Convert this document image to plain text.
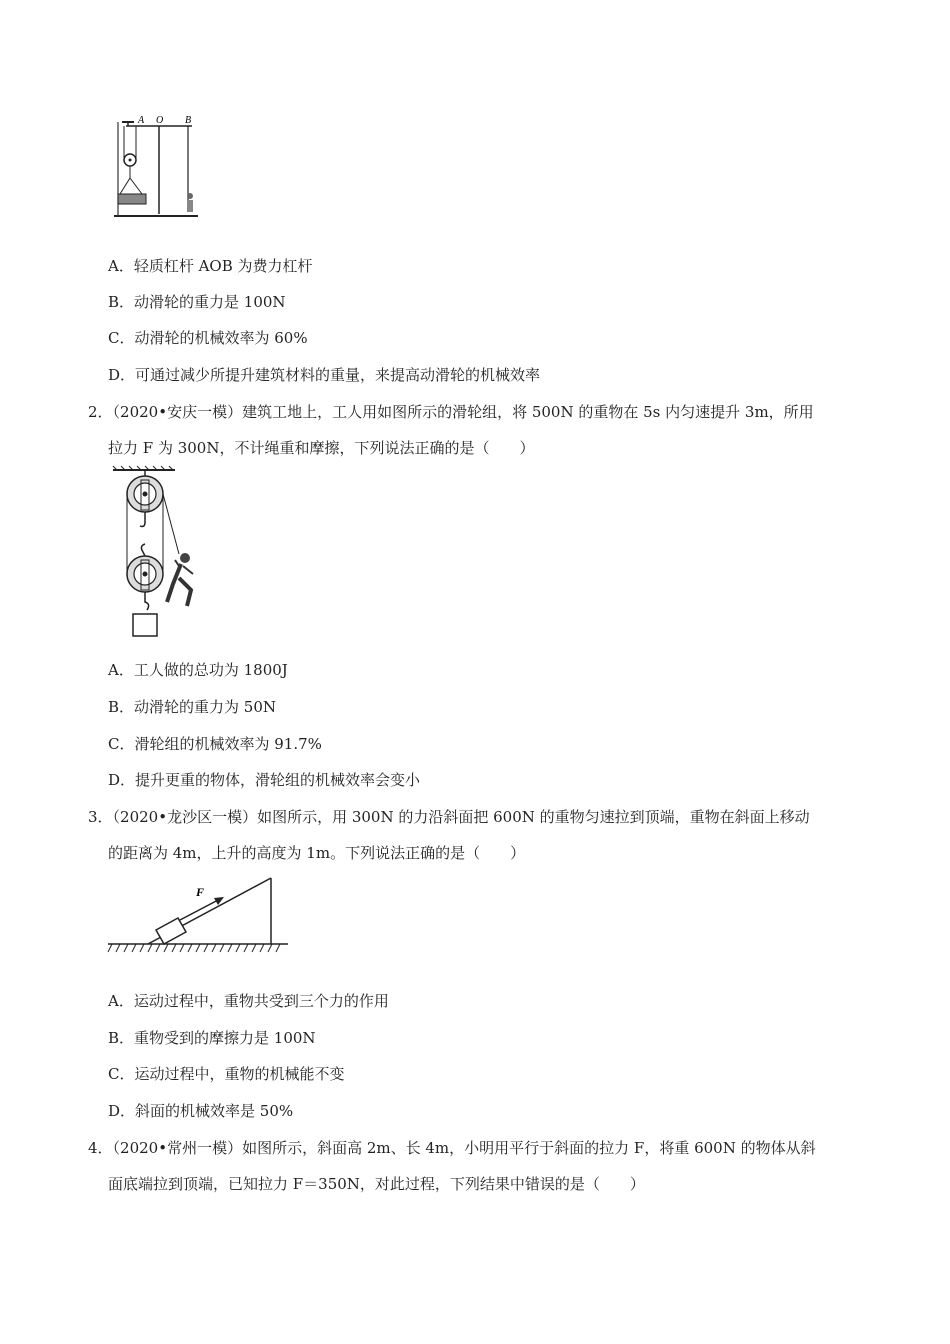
A O B
A．轻质杠杆 AOB 为费力杠杆
B．动滑轮的重力是 100N
C．动滑轮的机械效率为 60%
D．可通过减少所提升建筑材料的重量，来提高动滑轮的机械效率
2．（2020•安庆一模）建筑工地上，工人用如图所示的滑轮组，将 500N 的重物在 5s 内匀速提升 3m，所用
拉力 F 为 300N，不计绳重和摩擦，下列说法正确的是（　　）
A．工人做的总功为 1800J
B．动滑轮的重力为 50N
C．滑轮组的机械效率为 91.7%
D．提升更重的物体，滑轮组的机械效率会变小
3．（2020•龙沙区一模）如图所示，用 300N 的力沿斜面把 600N 的重物匀速拉到顶端，重物在斜面上移动
的距离为 4m，上升的高度为 1m。下列说法正确的是（　　）
F
A．运动过程中，重物共受到三个力的作用
B．重物受到的摩擦力是 100N
C．运动过程中，重物的机械能不变
D．斜面的机械效率是 50%
4．（2020•常州一模）如图所示，斜面高 2m、长 4m，小明用平行于斜面的拉力 F，将重 600N 的物体从斜
面底端拉到顶端，已知拉力 F＝350N，对此过程，下列结果中错误的是（　　）
